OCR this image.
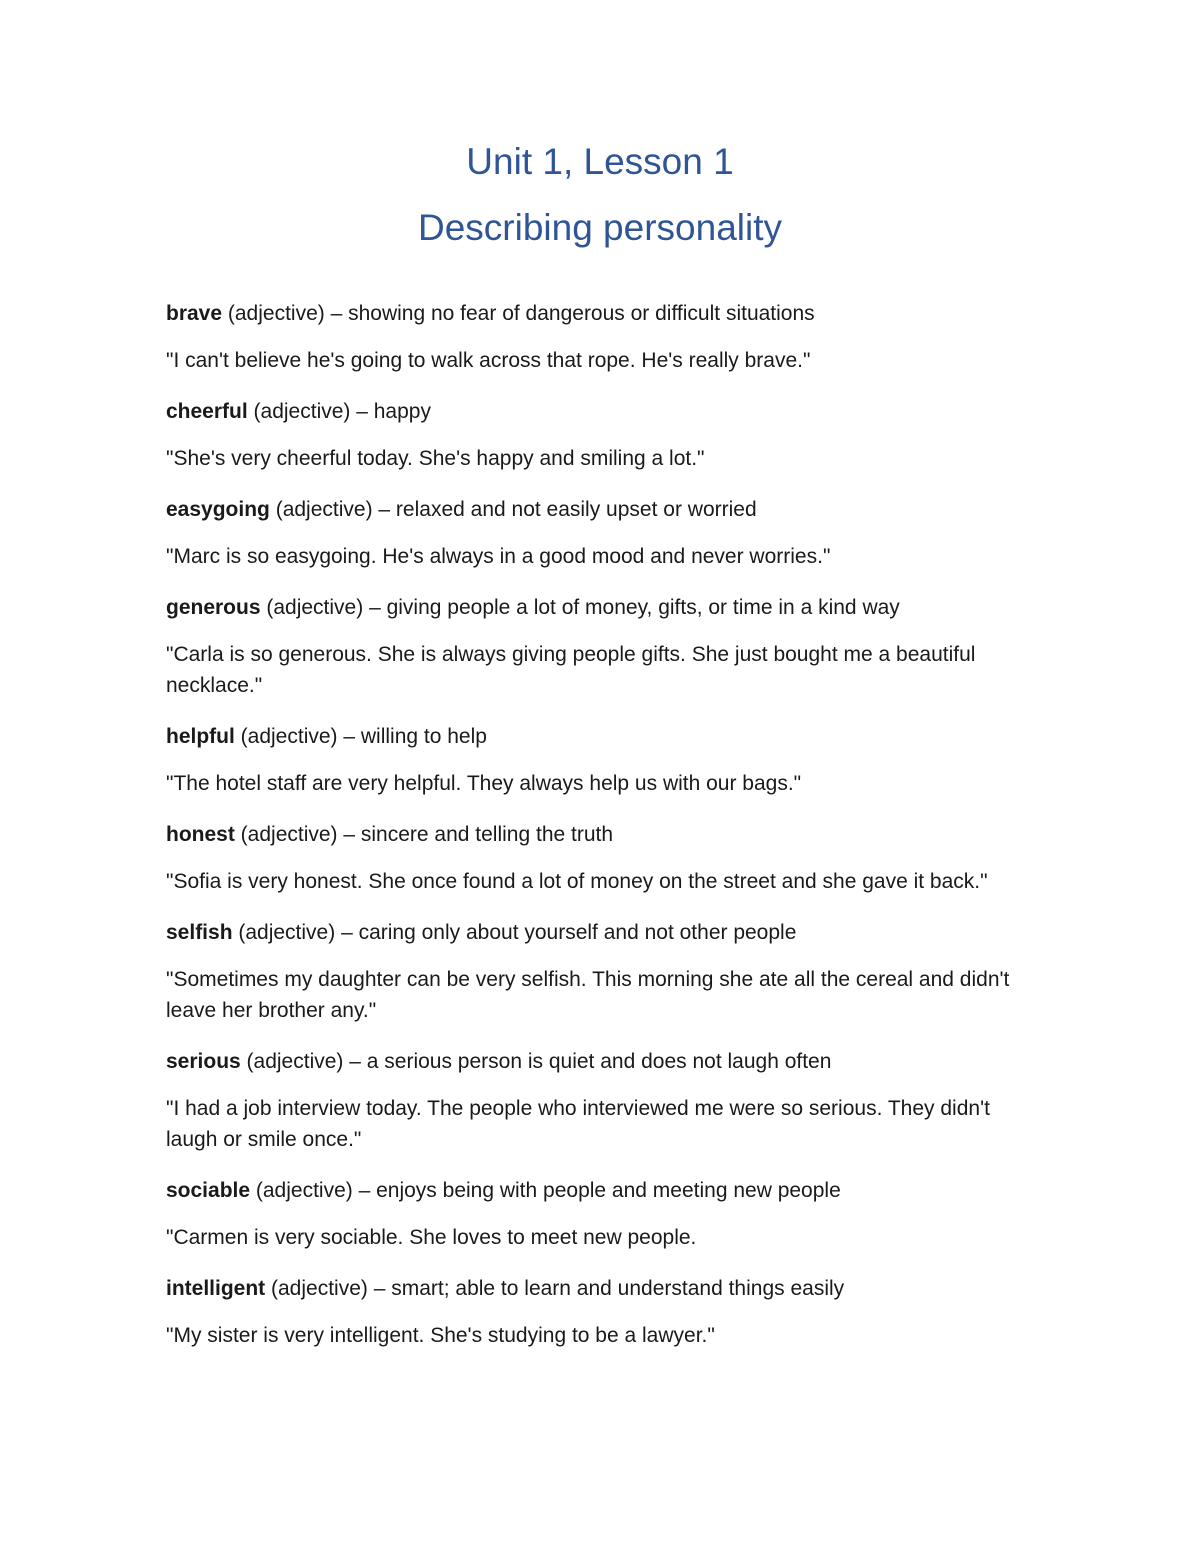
Unit 1, Lesson 1
Describing personality

brave (adjective) – showing no fear of dangerous or difficult situations

"I can't believe he's going to walk across that rope. He's really brave."

cheerful (adjective) – happy

"She's very cheerful today. She's happy and smiling a lot."

easygoing (adjective) – relaxed and not easily upset or worried

"Marc is so easygoing. He's always in a good mood and never worries."

generous (adjective) – giving people a lot of money, gifts, or time in a kind way

"Carla is so generous. She is always giving people gifts. She just bought me a beautiful necklace."

helpful (adjective) – willing to help

"The hotel staff are very helpful. They always help us with our bags."

honest (adjective) – sincere and telling the truth

"Sofia is very honest. She once found a lot of money on the street and she gave it back."

selfish (adjective) – caring only about yourself and not other people

"Sometimes my daughter can be very selfish. This morning she ate all the cereal and didn't leave her brother any."

serious (adjective) – a serious person is quiet and does not laugh often

"I had a job interview today. The people who interviewed me were so serious. They didn't laugh or smile once."

sociable (adjective) – enjoys being with people and meeting new people

"Carmen is very sociable. She loves to meet new people.

intelligent (adjective) – smart; able to learn and understand things easily

"My sister is very intelligent. She's studying to be a lawyer."
